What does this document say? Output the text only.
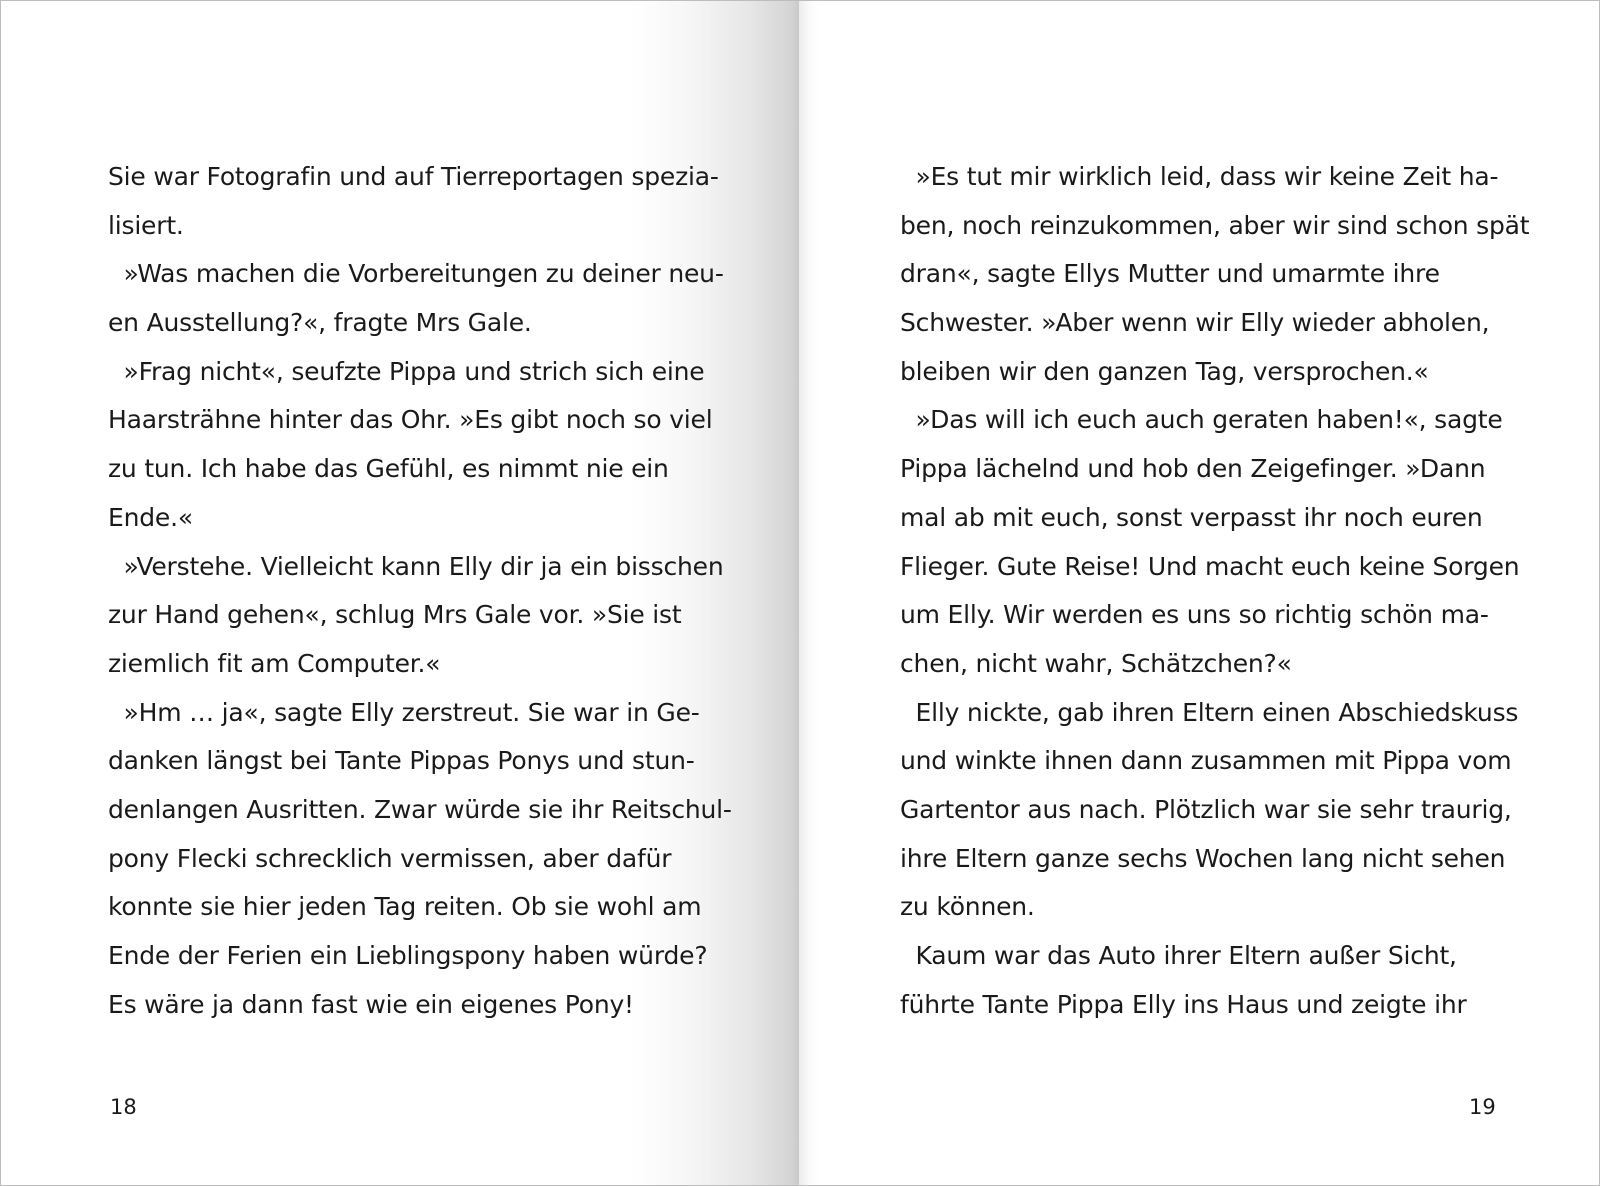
Sie war Fotografin und auf Tierreportagen spezia-
lisiert.
»Was machen die Vorbereitungen zu deiner neu-
en Ausstellung?«, fragte Mrs Gale.
»Frag nicht«, seufzte Pippa und strich sich eine
Haarsträhne hinter das Ohr. »Es gibt noch so viel
zu tun. Ich habe das Gefühl, es nimmt nie ein
Ende.«
»Verstehe. Vielleicht kann Elly dir ja ein bisschen
zur Hand gehen«, schlug Mrs Gale vor. »Sie ist
ziemlich fit am Computer.«
»Hm … ja«, sagte Elly zerstreut. Sie war in Ge-
danken längst bei Tante Pippas Ponys und stun-
denlangen Ausritten. Zwar würde sie ihr Reitschul-
pony Flecki schrecklich vermissen, aber dafür
konnte sie hier jeden Tag reiten. Ob sie wohl am
Ende der Ferien ein Lieblingspony haben würde?
Es wäre ja dann fast wie ein eigenes Pony!
18
»Es tut mir wirklich leid, dass wir keine Zeit ha-
ben, noch reinzukommen, aber wir sind schon spät
dran«, sagte Ellys Mutter und umarmte ihre
Schwester. »Aber wenn wir Elly wieder abholen,
bleiben wir den ganzen Tag, versprochen.«
»Das will ich euch auch geraten haben!«, sagte
Pippa lächelnd und hob den Zeigefinger. »Dann
mal ab mit euch, sonst verpasst ihr noch euren
Flieger. Gute Reise! Und macht euch keine Sorgen
um Elly. Wir werden es uns so richtig schön ma-
chen, nicht wahr, Schätzchen?«
Elly nickte, gab ihren Eltern einen Abschiedskuss
und winkte ihnen dann zusammen mit Pippa vom
Gartentor aus nach. Plötzlich war sie sehr traurig,
ihre Eltern ganze sechs Wochen lang nicht sehen
zu können.
Kaum war das Auto ihrer Eltern außer Sicht,
führte Tante Pippa Elly ins Haus und zeigte ihr
19
